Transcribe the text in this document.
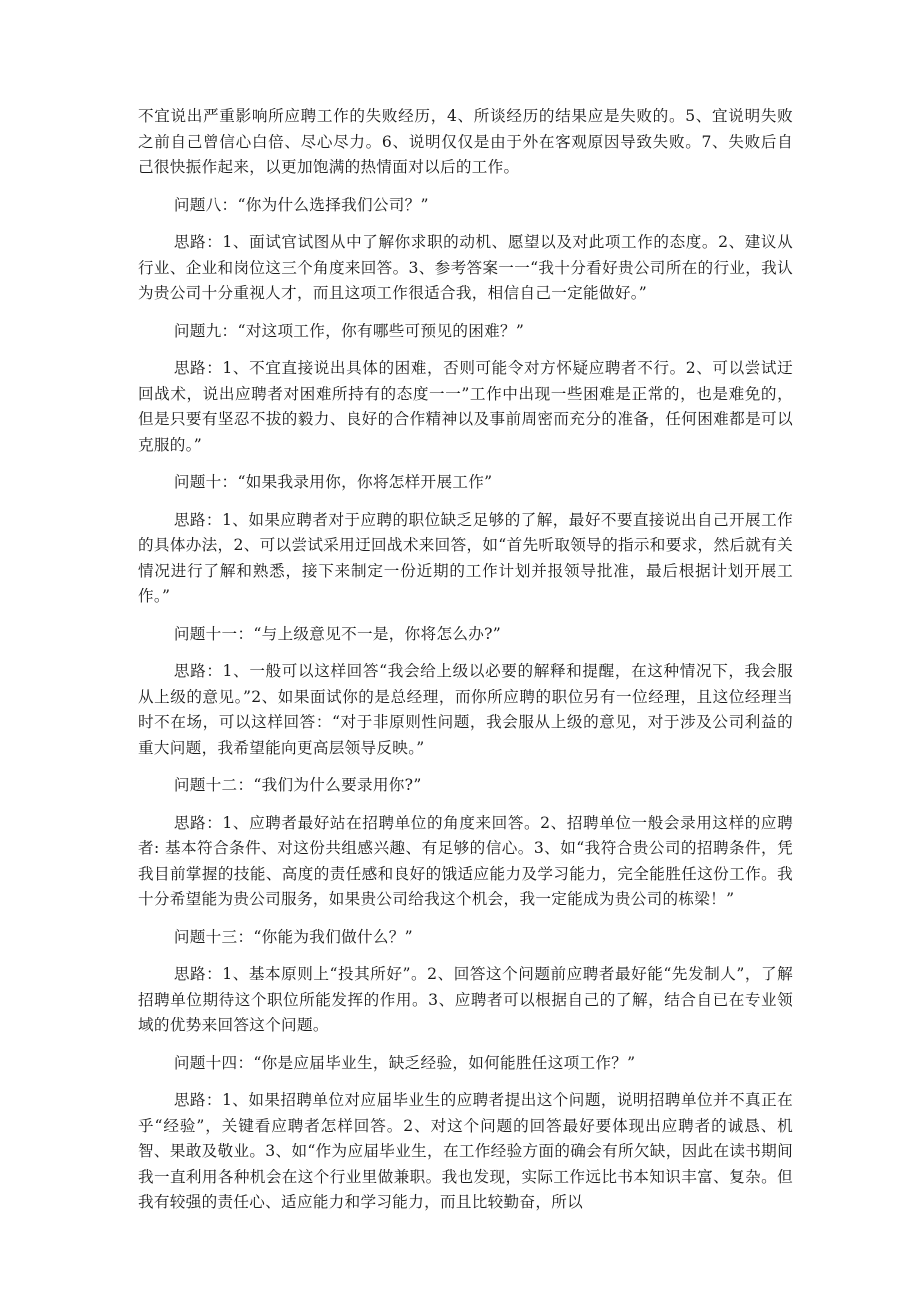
不宜说出严重影响所应聘工作的失败经历，4、所谈经历的结果应是失败的。5、宜说明失败之前自己曾信心白倍、尽心尽力。6、说明仅仅是由于外在客观原因导致失败。7、失败后自己很快振作起来，以更加饱满的热情面对以后的工作。

问题八：“你为什么选择我们公司？”

思路：1、面试官试图从中了解你求职的动机、愿望以及对此项工作的态度。2、建议从行业、企业和岗位这三个角度来回答。3、参考答案一一“我十分看好贵公司所在的行业，我认为贵公司十分重视人才，而且这项工作很适合我，相信自己一定能做好。”

问题九：“对这项工作，你有哪些可预见的困难？”

思路：1、不宜直接说出具体的困难，否则可能令对方怀疑应聘者不行。2、可以尝试迂回战术，说出应聘者对困难所持有的态度一一”工作中出现一些困难是正常的，也是难免的，但是只要有坚忍不拔的毅力、良好的合作精神以及事前周密而充分的准备，任何困难都是可以克服的。”

问题十：“如果我录用你，你将怎样开展工作”

思路：1、如果应聘者对于应聘的职位缺乏足够的了解，最好不要直接说出自己开展工作的具体办法，2、可以尝试采用迂回战术来回答，如“首先听取领导的指示和要求，然后就有关情况进行了解和熟悉，接下来制定一份近期的工作计划并报领导批准，最后根据计划开展工作。”

问题十一：“与上级意见不一是，你将怎么办?”

思路：1、一般可以这样回答“我会给上级以必要的解释和提醒，在这种情况下，我会服从上级的意见。”2、如果面试你的是总经理，而你所应聘的职位另有一位经理，且这位经理当时不在场，可以这样回答：“对于非原则性问题，我会服从上级的意见，对于涉及公司利益的重大问题，我希望能向更高层领导反映。”

问题十二：“我们为什么要录用你?”

思路：1、应聘者最好站在招聘单位的角度来回答。2、招聘单位一般会录用这样的应聘者: 基本符合条件、对这份共组感兴趣、有足够的信心。3、如“我符合贵公司的招聘条件，凭我目前掌握的技能、高度的责任感和良好的饿适应能力及学习能力，完全能胜任这份工作。我十分希望能为贵公司服务，如果贵公司给我这个机会，我一定能成为贵公司的栋梁！”

问题十三：“你能为我们做什么？”

思路：1、基本原则上“投其所好”。2、回答这个问题前应聘者最好能“先发制人”，了解招聘单位期待这个职位所能发挥的作用。3、应聘者可以根据自己的了解，结合自已在专业领域的优势来回答这个问题。

问题十四：“你是应届毕业生，缺乏经验，如何能胜任这项工作？”

思路：1、如果招聘单位对应届毕业生的应聘者提出这个问题，说明招聘单位并不真正在乎“经验”，关键看应聘者怎样回答。2、对这个问题的回答最好要体现出应聘者的诚恳、机智、果敢及敬业。3、如“作为应届毕业生，在工作经验方面的确会有所欠缺，因此在读书期间我一直利用各种机会在这个行业里做兼职。我也发现，实际工作远比书本知识丰富、复杂。但我有较强的责任心、适应能力和学习能力，而且比较勤奋，所以
